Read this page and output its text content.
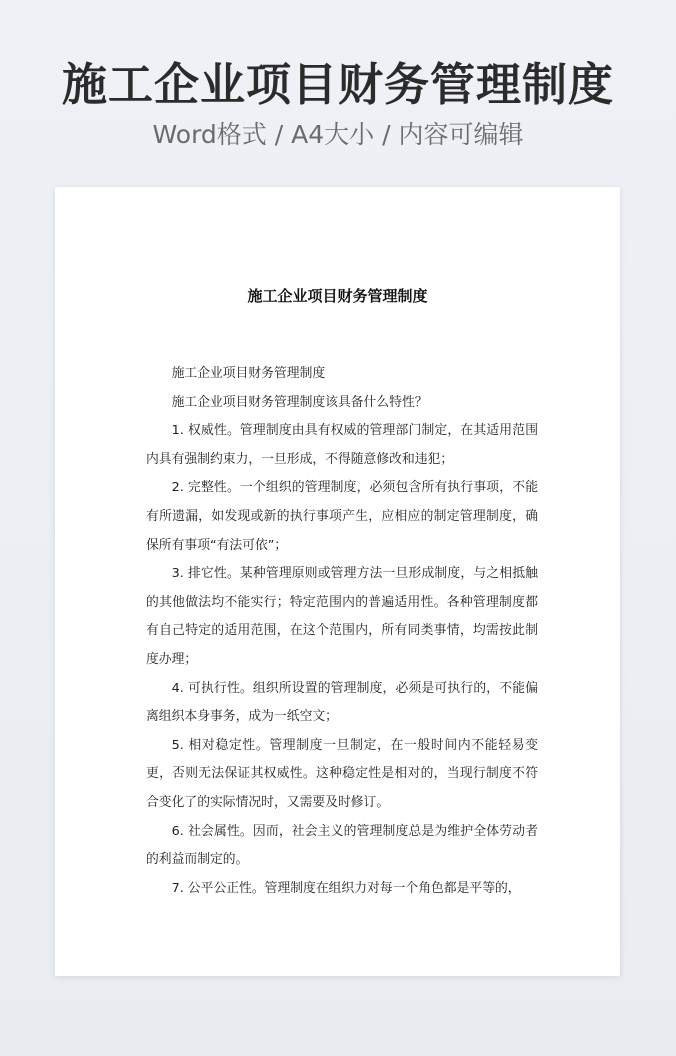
施工企业项目财务管理制度
Word格式 / A4大小 / 内容可编辑
施工企业项目财务管理制度

施工企业项目财务管理制度

施工企业项目财务管理制度该具备什么特性？

1. 权威性。管理制度由具有权威的管理部门制定，在其适用范围内具有强制约束力，一旦形成，不得随意修改和违犯；

2. 完整性。一个组织的管理制度，必须包含所有执行事项，不能有所遗漏，如发现或新的执行事项产生，应相应的制定管理制度，确保所有事项“有法可依”；

3. 排它性。某种管理原则或管理方法一旦形成制度，与之相抵触的其他做法均不能实行；特定范围内的普遍适用性。各种管理制度都有自己特定的适用范围，在这个范围内，所有同类事情，均需按此制度办理；

4. 可执行性。组织所设置的管理制度，必须是可执行的，不能偏离组织本身事务，成为一纸空文；

5. 相对稳定性。管理制度一旦制定，在一般时间内不能轻易变更，否则无法保证其权威性。这种稳定性是相对的，当现行制度不符合变化了的实际情况时，又需要及时修订。

6. 社会属性。因而，社会主义的管理制度总是为维护全体劳动者的利益而制定的。

7. 公平公正性。管理制度在组织力对每一个角色都是平等的，
